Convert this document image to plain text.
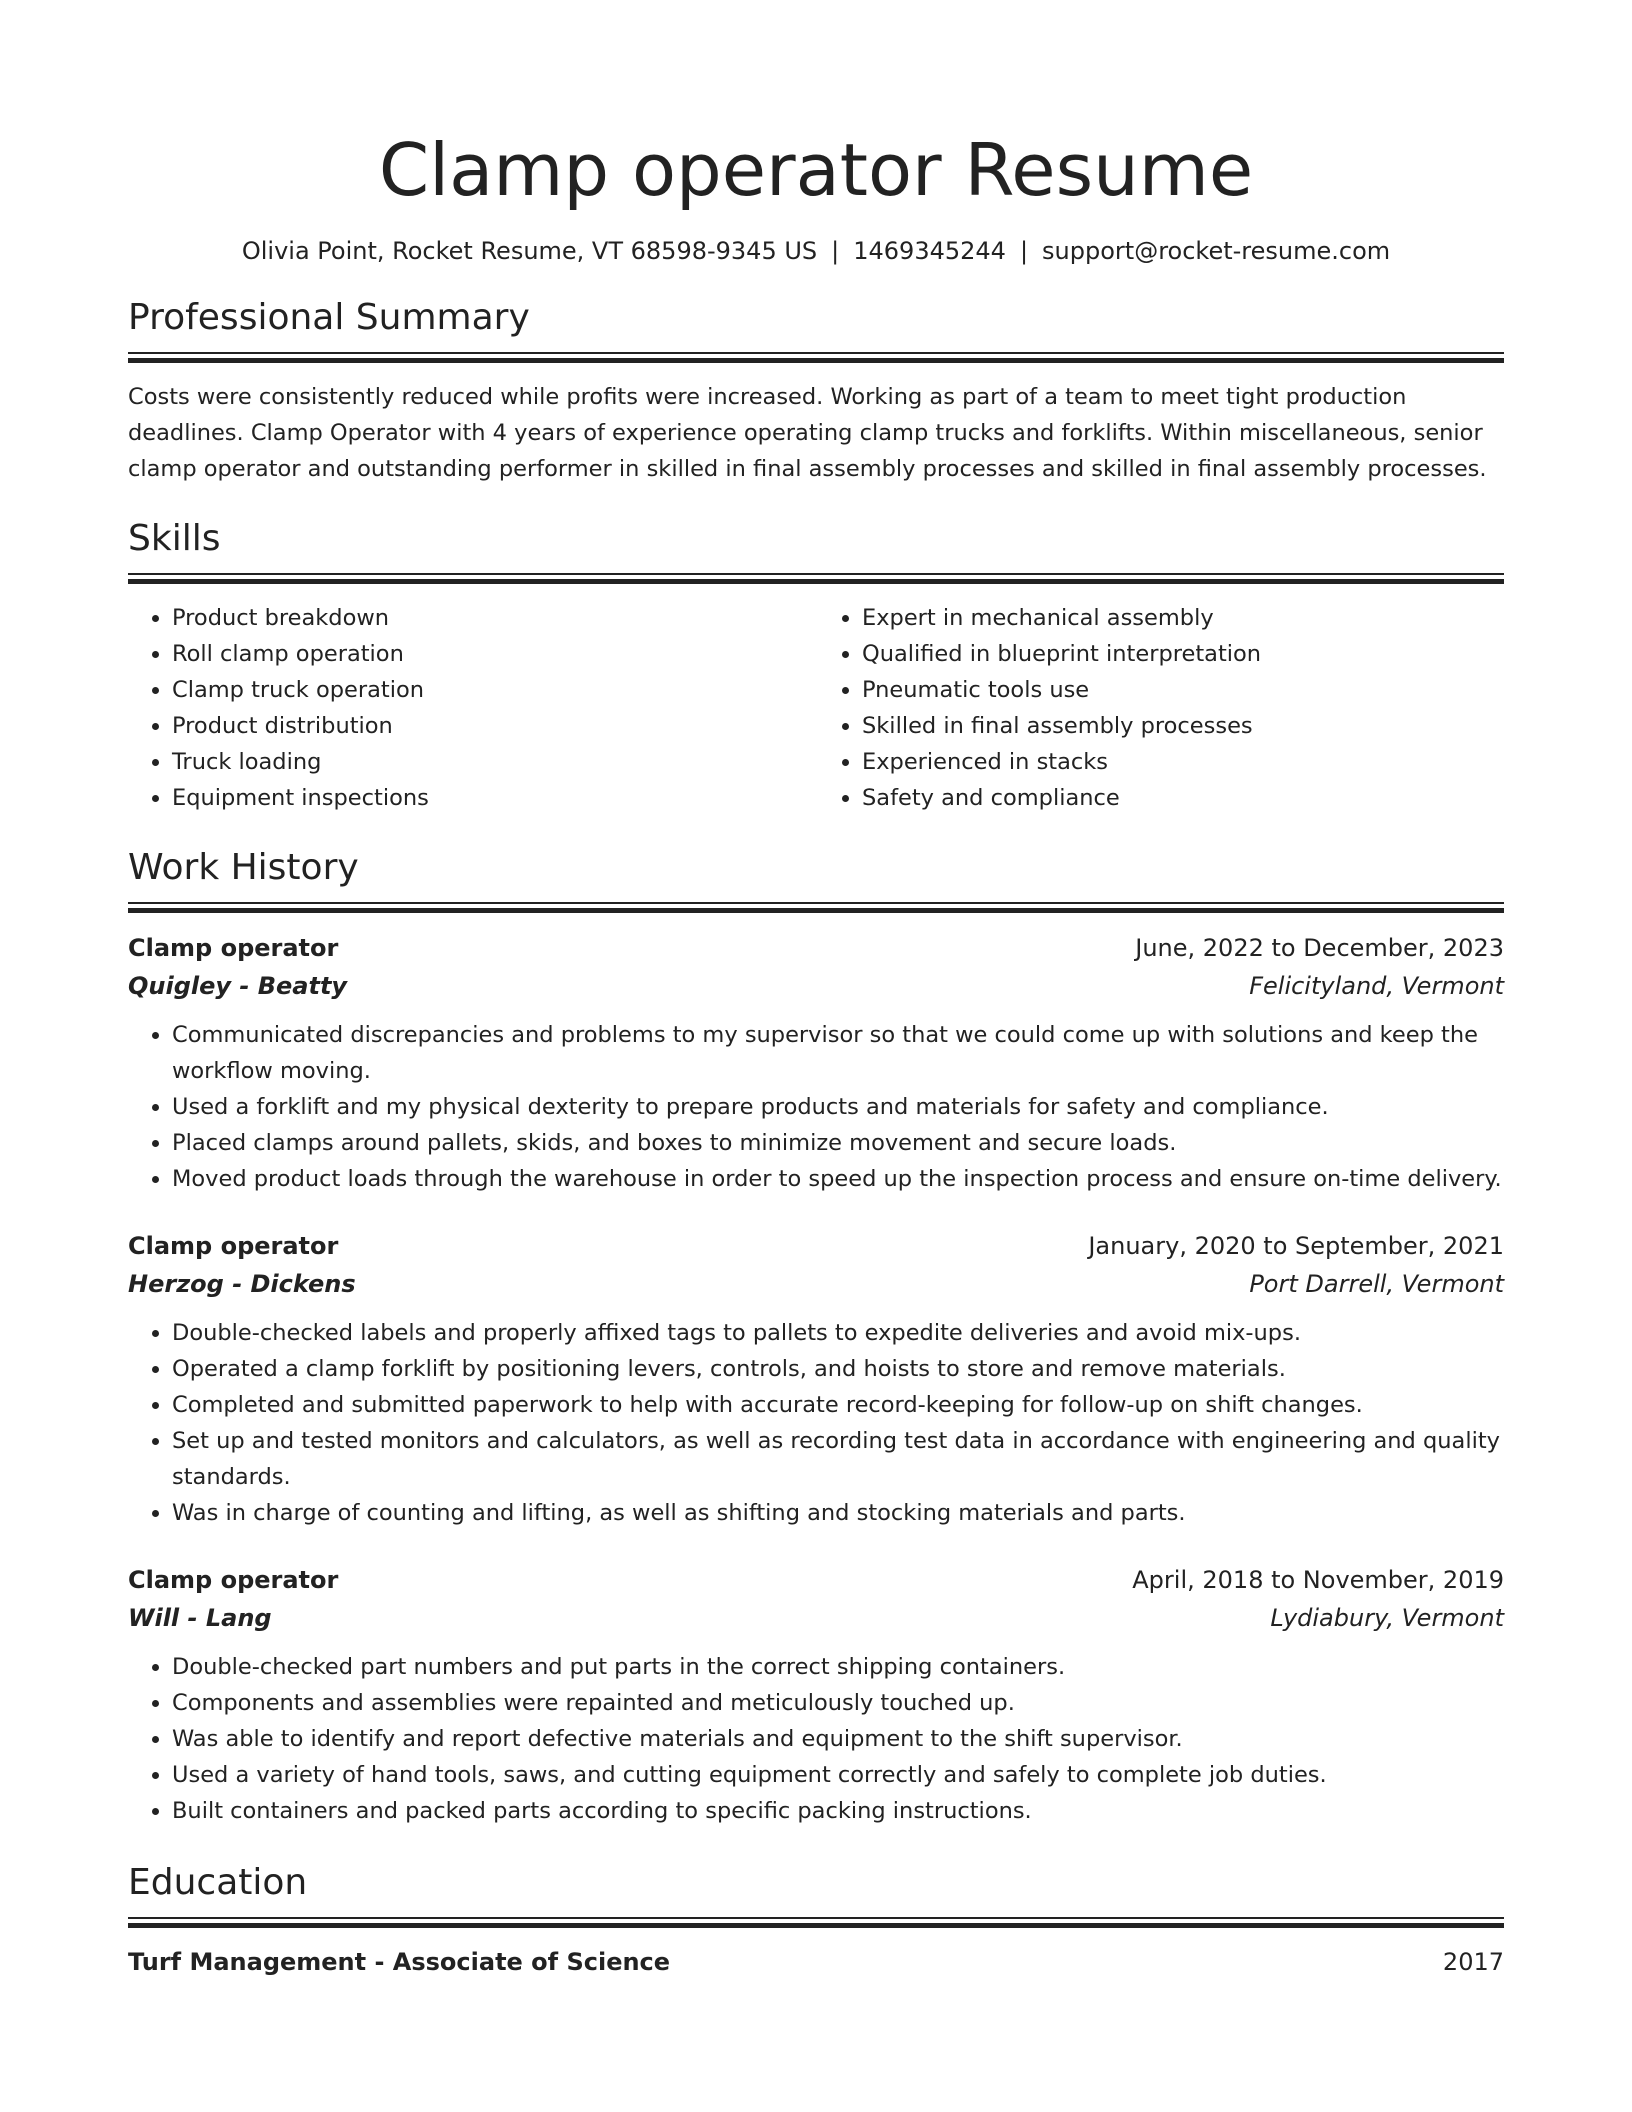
Clamp operator Resume
Olivia Point, Rocket Resume, VT 68598-9345 US | 1469345244 | support@rocket-resume.com
Professional Summary

Costs were consistently reduced while profits were increased. Working as part of a team to meet tight production deadlines. Clamp Operator with 4 years of experience operating clamp trucks and forklifts. Within miscellaneous, senior clamp operator and outstanding performer in skilled in final assembly processes and skilled in final assembly processes.

Skills
• Product breakdown
• Roll clamp operation
• Clamp truck operation
• Product distribution
• Truck loading
• Equipment inspections
• Expert in mechanical assembly
• Qualified in blueprint interpretation
• Pneumatic tools use
• Skilled in final assembly processes
• Experienced in stacks
• Safety and compliance
Work History
Clamp operator	June, 2022 to December, 2023
Quigley - Beatty	Felicityland, Vermont
• Communicated discrepancies and problems to my supervisor so that we could come up with solutions and keep the workflow moving.
• Used a forklift and my physical dexterity to prepare products and materials for safety and compliance.
• Placed clamps around pallets, skids, and boxes to minimize movement and secure loads.
• Moved product loads through the warehouse in order to speed up the inspection process and ensure on-time delivery.
Clamp operator	January, 2020 to September, 2021
Herzog - Dickens	Port Darrell, Vermont
• Double-checked labels and properly affixed tags to pallets to expedite deliveries and avoid mix-ups.
• Operated a clamp forklift by positioning levers, controls, and hoists to store and remove materials.
• Completed and submitted paperwork to help with accurate record-keeping for follow-up on shift changes.
• Set up and tested monitors and calculators, as well as recording test data in accordance with engineering and quality standards.
• Was in charge of counting and lifting, as well as shifting and stocking materials and parts.
Clamp operator	April, 2018 to November, 2019
Will - Lang	Lydiabury, Vermont
• Double-checked part numbers and put parts in the correct shipping containers.
• Components and assemblies were repainted and meticulously touched up.
• Was able to identify and report defective materials and equipment to the shift supervisor.
• Used a variety of hand tools, saws, and cutting equipment correctly and safely to complete job duties.
• Built containers and packed parts according to specific packing instructions.
Education
Turf Management - Associate of Science	2017
